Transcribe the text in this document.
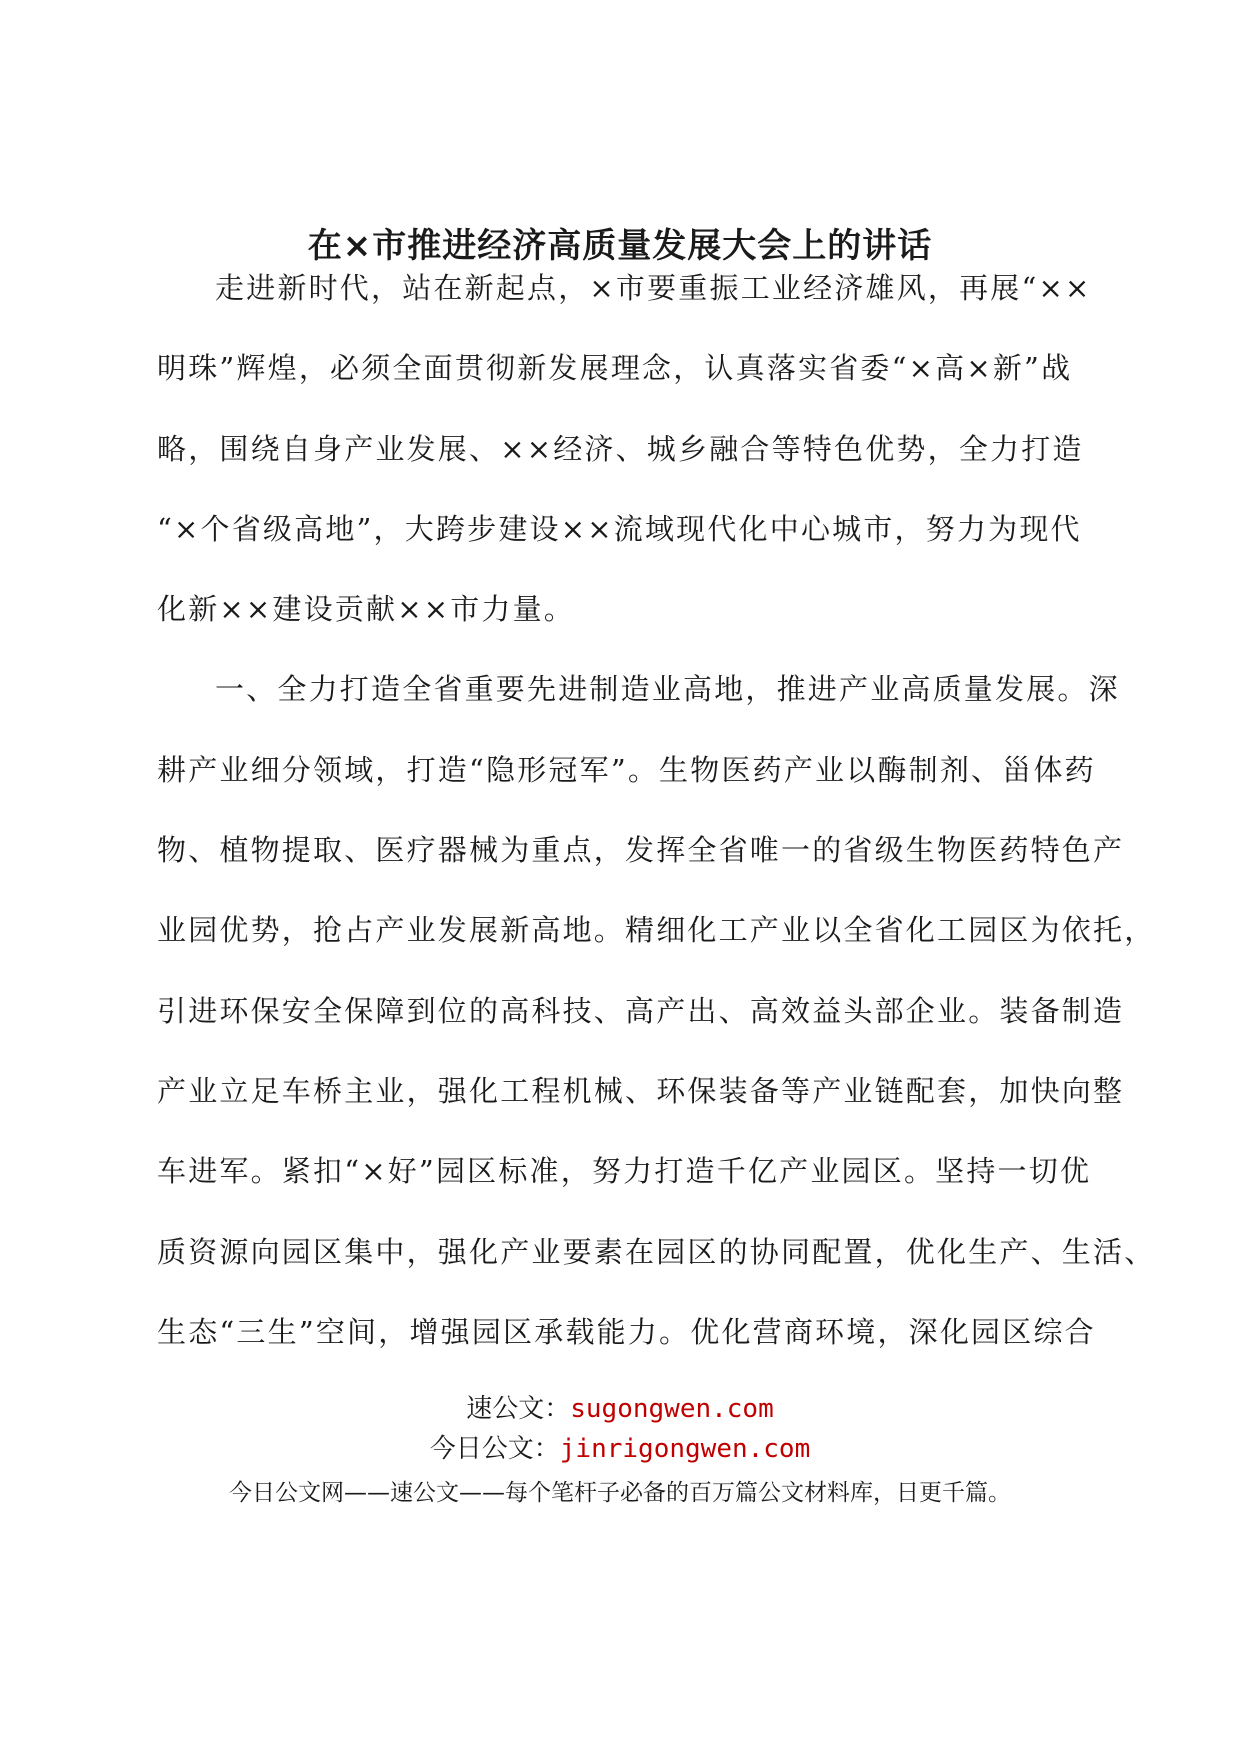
在×市推进经济高质量发展大会上的讲话

走进新时代，站在新起点，×市要重振工业经济雄风，再展“××

明珠”辉煌，必须全面贯彻新发展理念，认真落实省委“×高×新”战

略，围绕自身产业发展、××经济、城乡融合等特色优势，全力打造

“×个省级高地”，大跨步建设××流域现代化中心城市，努力为现代

化新××建设贡献××市力量。

一、全力打造全省重要先进制造业高地，推进产业高质量发展。深

耕产业细分领域，打造“隐形冠军”。生物医药产业以酶制剂、甾体药

物、植物提取、医疗器械为重点，发挥全省唯一的省级生物医药特色产

业园优势，抢占产业发展新高地。精细化工产业以全省化工园区为依托，

引进环保安全保障到位的高科技、高产出、高效益头部企业。装备制造

产业立足车桥主业，强化工程机械、环保装备等产业链配套，加快向整

车进军。紧扣“×好”园区标准，努力打造千亿产业园区。坚持一切优

质资源向园区集中，强化产业要素在园区的协同配置，优化生产、生活、

生态“三生”空间，增强园区承载能力。优化营商环境，深化园区综合

速公文：sugongwen.com

今日公文：jinrigongwen.com

今日公文网——速公文——每个笔杆子必备的百万篇公文材料库，日更千篇。
